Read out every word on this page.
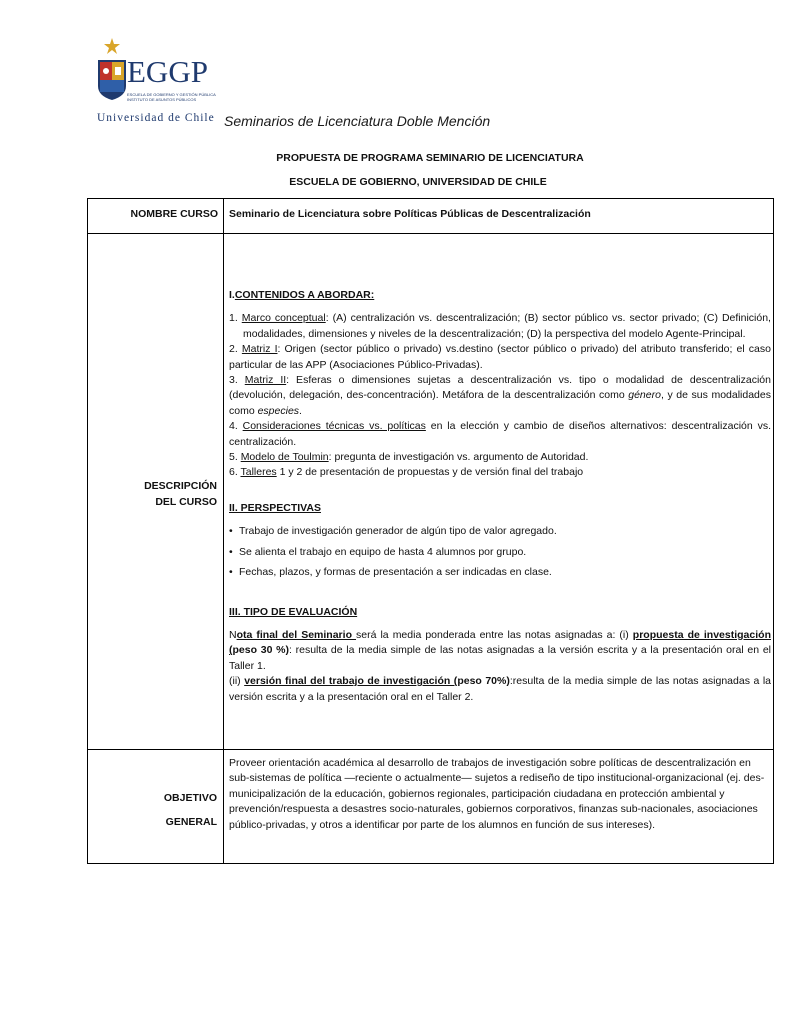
EGGP
ESCUELA DE GOBIERNO Y GESTIÓN PÚBLICA INSTITUTO DE ASUNTOS PÚBLICOS
Universidad de Chile Seminarios de Licenciatura Doble Mención
PROPUESTA DE PROGRAMA SEMINARIO DE LICENCIATURA
ESCUELA DE GOBIERNO, UNIVERSIDAD DE CHILE
NOMBRE CURSO Seminario de Licenciatura sobre Políticas Públicas de Descentralización
DESCRIPCIÓN
DEL CURSO

I.CONTENIDOS A ABORDAR:

1. Marco conceptual: (A) centralización vs. descentralización; (B) sector público vs. sector privado; (C) Definición, modalidades, dimensiones y niveles de la descentralización; (D) la perspectiva del modelo Agente-Principal.

2. Matriz I: Origen (sector público o privado) vs.destino (sector público o privado) del atributo transferido; el caso particular de las APP (Asociaciones Público-Privadas).

3. Matriz II: Esferas o dimensiones sujetas a descentralización vs. tipo o modalidad de descentralización (devolución, delegación, des-concentración). Metáfora de la descentralización como género, y de sus modalidades como especies.

4. Consideraciones técnicas vs. políticas en la elección y cambio de diseños alternativos: descentralización vs. centralización.

5. Modelo de Toulmin: pregunta de investigación vs. argumento de Autoridad.

6. Talleres 1 y 2 de presentación de propuestas y de versión final del trabajo

II. PERSPECTIVAS

• Trabajo de investigación generador de algún tipo de valor agregado.
• Se alienta el trabajo en equipo de hasta 4 alumnos por grupo.
• Fechas, plazos, y formas de presentación a ser indicadas en clase.

III. TIPO DE EVALUACIÓN

Nota final del Seminario será la media ponderada entre las notas asignadas a: (i) propuesta de investigación (peso 30 %): resulta de la media simple de las notas asignadas a la versión escrita y a la presentación oral en el Taller 1.

(ii) versión final del trabajo de investigación (peso 70%):resulta de la media simple de las notas asignadas a la versión escrita y a la presentación oral en el Taller 2.

OBJETIVO
GENERAL
Proveer orientación académica al desarrollo de trabajos de investigación sobre políticas de descentralización en sub-sistemas de política —reciente o actualmente— sujetos a rediseño de tipo institucional-organizacional (ej. des-municipalización de la educación, gobiernos regionales, participación ciudadana en protección ambiental y prevención/respuesta a desastres socio-naturales, gobiernos corporativos, finanzas sub-nacionales, asociaciones público-privadas, y otros a identificar por parte de los alumnos en función de sus intereses).
